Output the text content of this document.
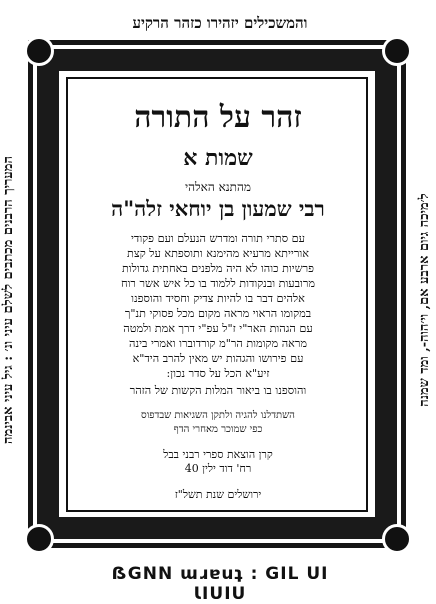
והמשכילים יזהירו כזהר הרקיע
המעריך הרבנים מכתבים לשלם עיני ונ׳ : גיל עיני אבינמה	ל׳מיכה גיום ארבע אם, וי׳הוה-, ומד שמנה
זהר על התורה
שמות א
מהתנא האלהי
רבי שמעון בן יוחאי זלה"ה
עם סתרי תורה ומדרש הנעלם ועם פקודי
אורייתא מרעיא מהימנא ותוספתא על קצת
פרשיות כוהו לא היה מלפנים באחתית גדולות
מרובעות ובנקודות ללמוד בו כל איש אשר רוח
אלהים דבר בו להיות צדיק וחסיד והוספנו
במקומו הראוי מראה מקום מכל פסוקי תנ"ך
עם הגהות האר"י ז"ל עפ"י דרך אמת ולמטה
מראה מקומות הר"מ קורדוברו ואמרי בינה
עם פירושו והגהות יש מאין להרב היד"א
זיע"א הכל על סדר נכון:
והוספנו בו ביאור המלות הקשות של הזהר
השתדלנו להגיה ולתקן השגיאות שבדפוס
כפי שמוכר מאחרי הדף
קרן הוצאת ספרי רבני בבל
רח' דוד ילין 40
ירושלים שנת תשל"ז
ẞGNN ɯɹɐuʇ : GIL UI ƖIUIU
